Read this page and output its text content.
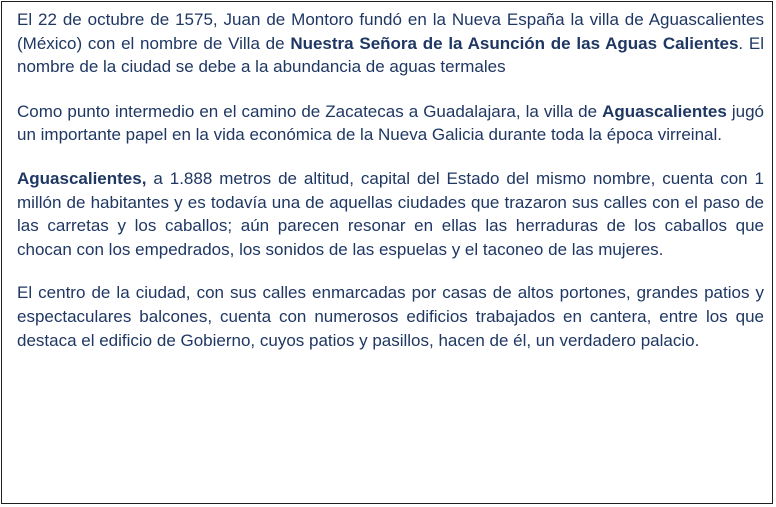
El 22 de octubre de 1575, Juan de Montoro fundó en la Nueva España la villa de Aguascalientes (México) con el nombre de Villa de Nuestra Señora de la Asunción de las Aguas Calientes. El nombre de la ciudad se debe a la abundancia de aguas termales

Como punto intermedio en el camino de Zacatecas a Guadalajara, la villa de Aguascalientes jugó un importante papel en la vida económica de la Nueva Galicia durante toda la época virreinal.

Aguascalientes, a 1.888 metros de altitud, capital del Estado del mismo nombre, cuenta con 1 millón de habitantes y es todavía una de aquellas ciudades que trazaron sus calles con el paso de las carretas y los caballos; aún parecen resonar en ellas las herraduras de los caballos que chocan con los empedrados, los sonidos de las espuelas y el taconeo de las mujeres.

El centro de la ciudad, con sus calles enmarcadas por casas de altos portones, grandes patios y espectaculares balcones, cuenta con numerosos edificios trabajados en cantera, entre los que destaca el edificio de Gobierno, cuyos patios y pasillos, hacen de él, un verdadero palacio.
